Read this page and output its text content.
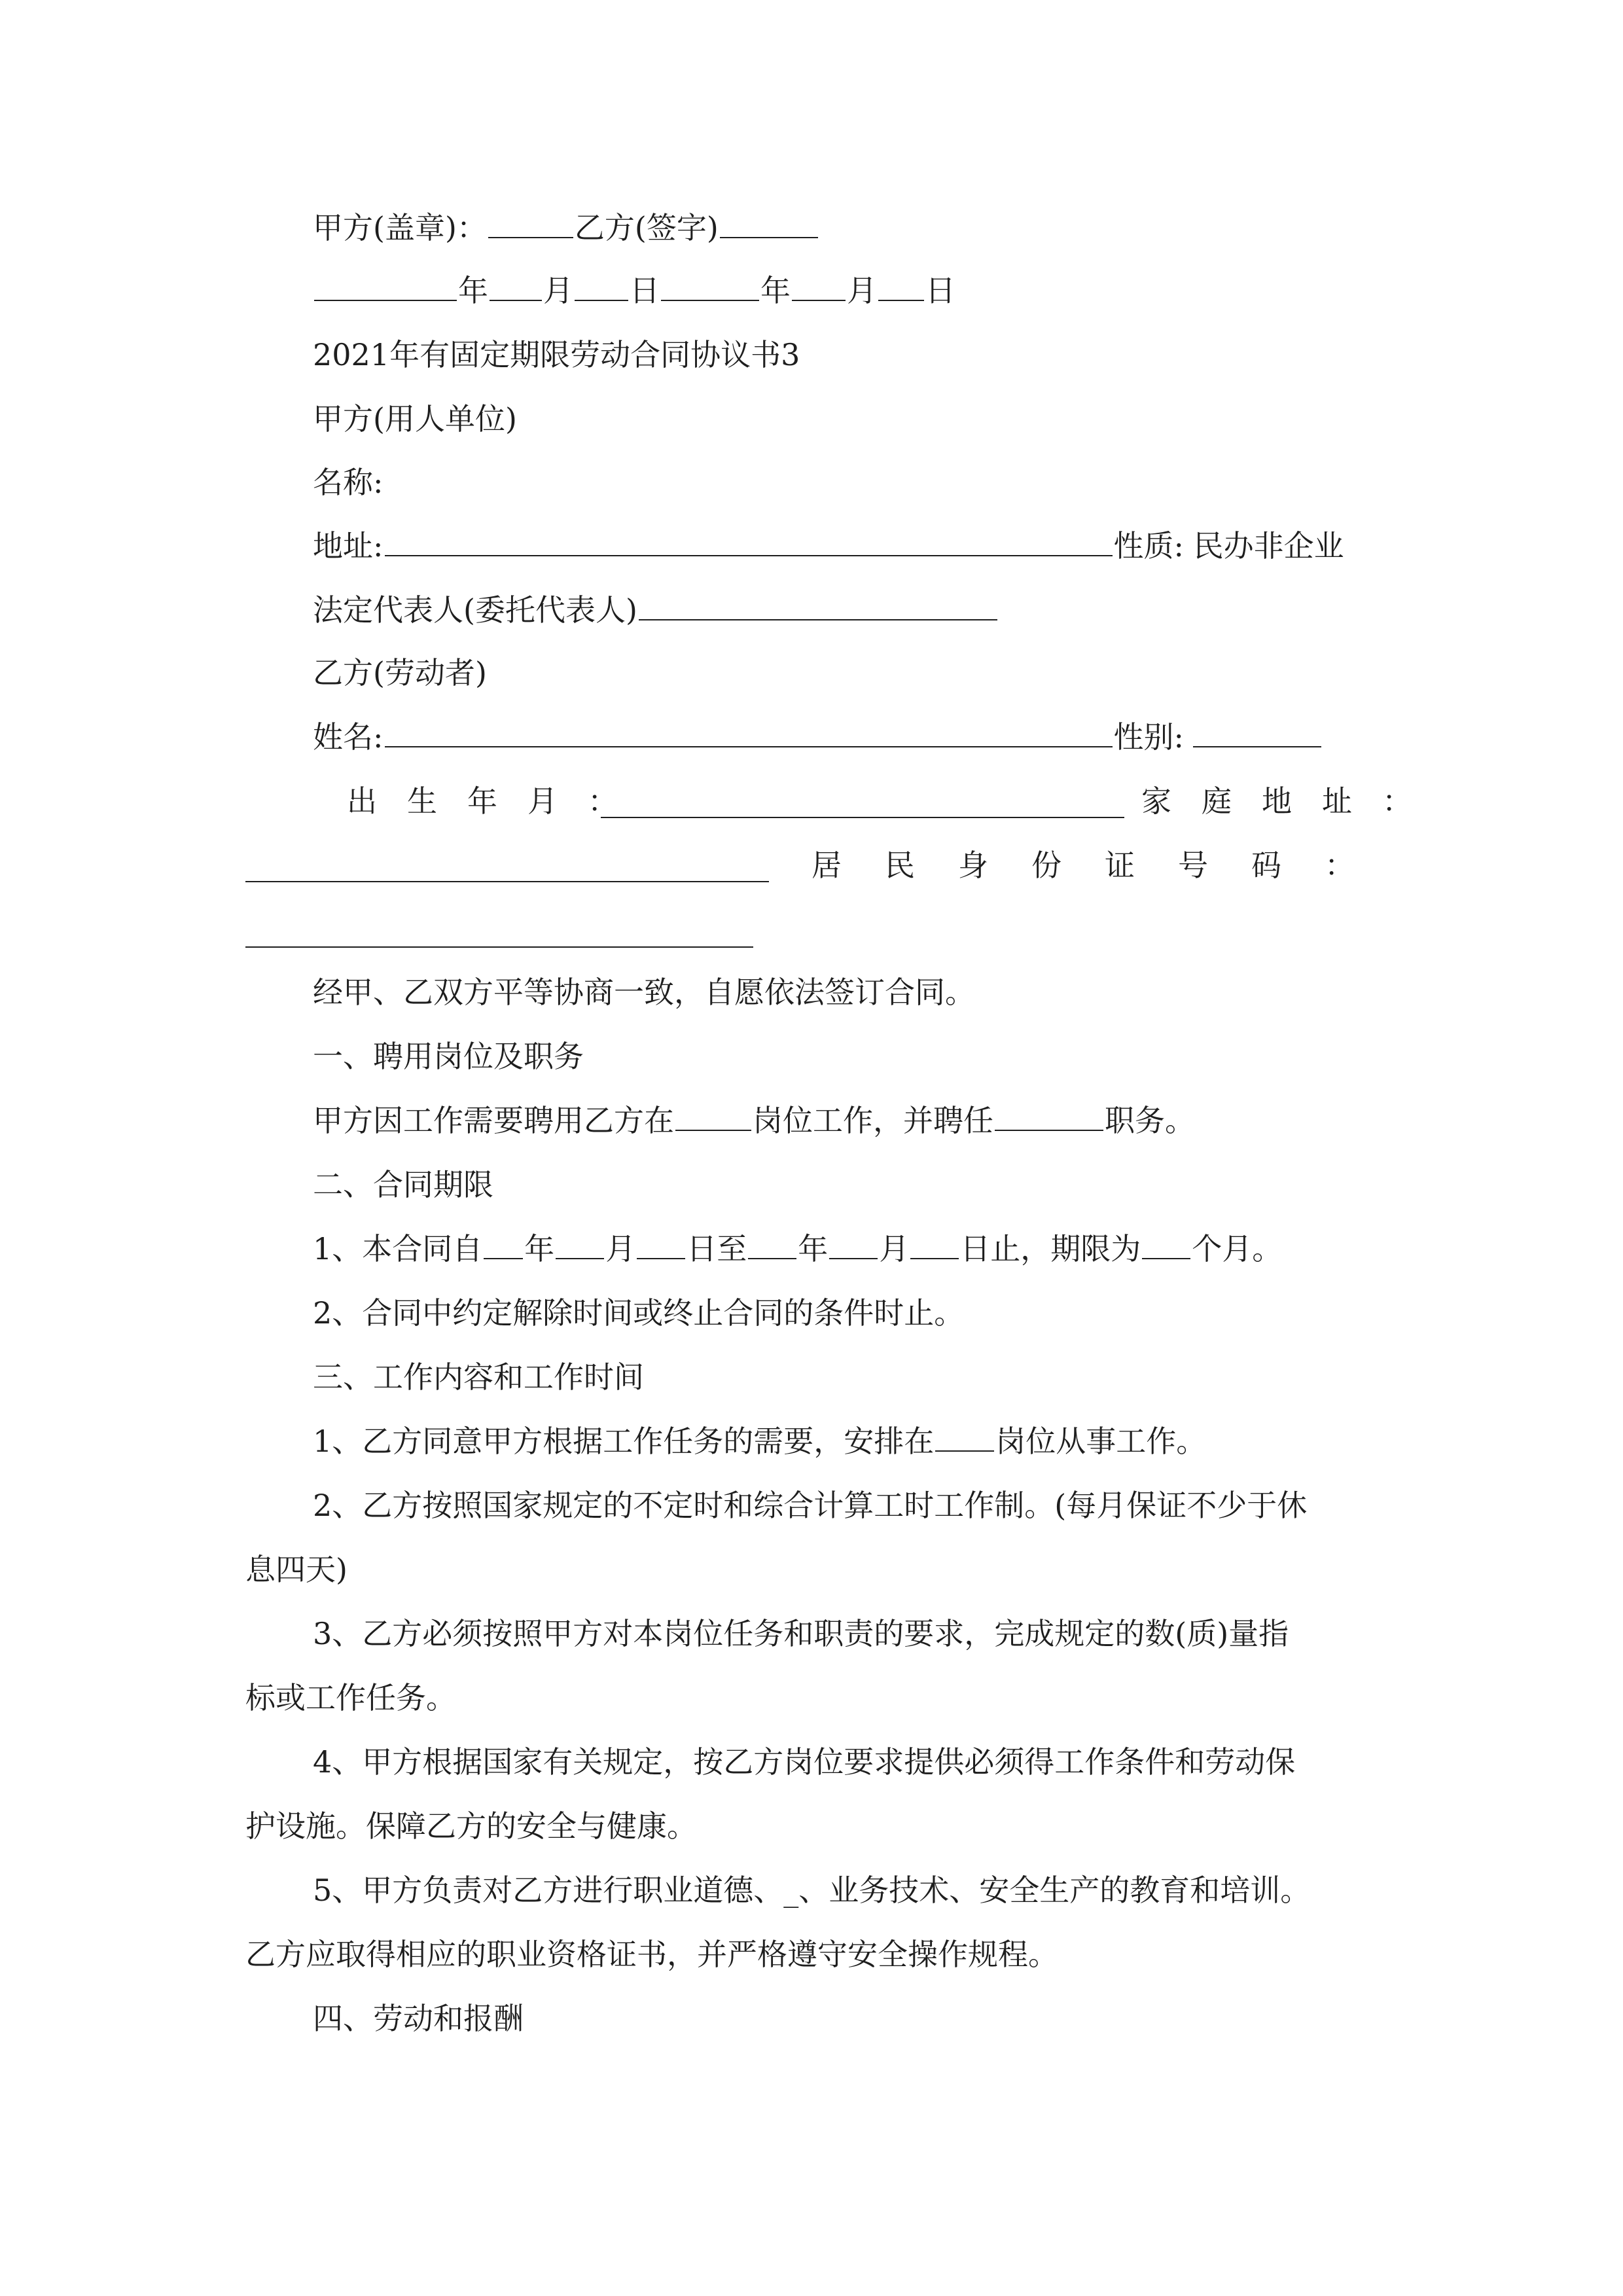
甲方(盖章)：	乙方(签字)
年 月 日	年 月 日
2021年有固定期限劳动合同协议书3
甲方(用人单位)
名称:
地址:	性质: 民办非企业
法定代表人(委托代表人)
乙方(劳动者)
姓名:	性别:
出生年月：	家庭地址：
居民身份证号码：
经甲、乙双方平等协商一致，自愿依法签订合同。
一、聘用岗位及职务
甲方因工作需要聘用乙方在	岗位工作，并聘任	职务。
二、合同期限
1、本合同自 年 月 日至 年 月 日止，期限为 个月。
2、合同中约定解除时间或终止合同的条件时止。
三、工作内容和工作时间
1、乙方同意甲方根据工作任务的需要，安排在 岗位从事工作。
2、乙方按照国家规定的不定时和综合计算工时工作制。(每月保证不少于休
息四天)
3、乙方必须按照甲方对本岗位任务和职责的要求，完成规定的数(质)量指
标或工作任务。
4、甲方根据国家有关规定，按乙方岗位要求提供必须得工作条件和劳动保
护设施。保障乙方的安全与健康。
5、甲方负责对乙方进行职业道德、_、业务技术、安全生产的教育和培训。
乙方应取得相应的职业资格证书，并严格遵守安全操作规程。
四、劳动和报酬
